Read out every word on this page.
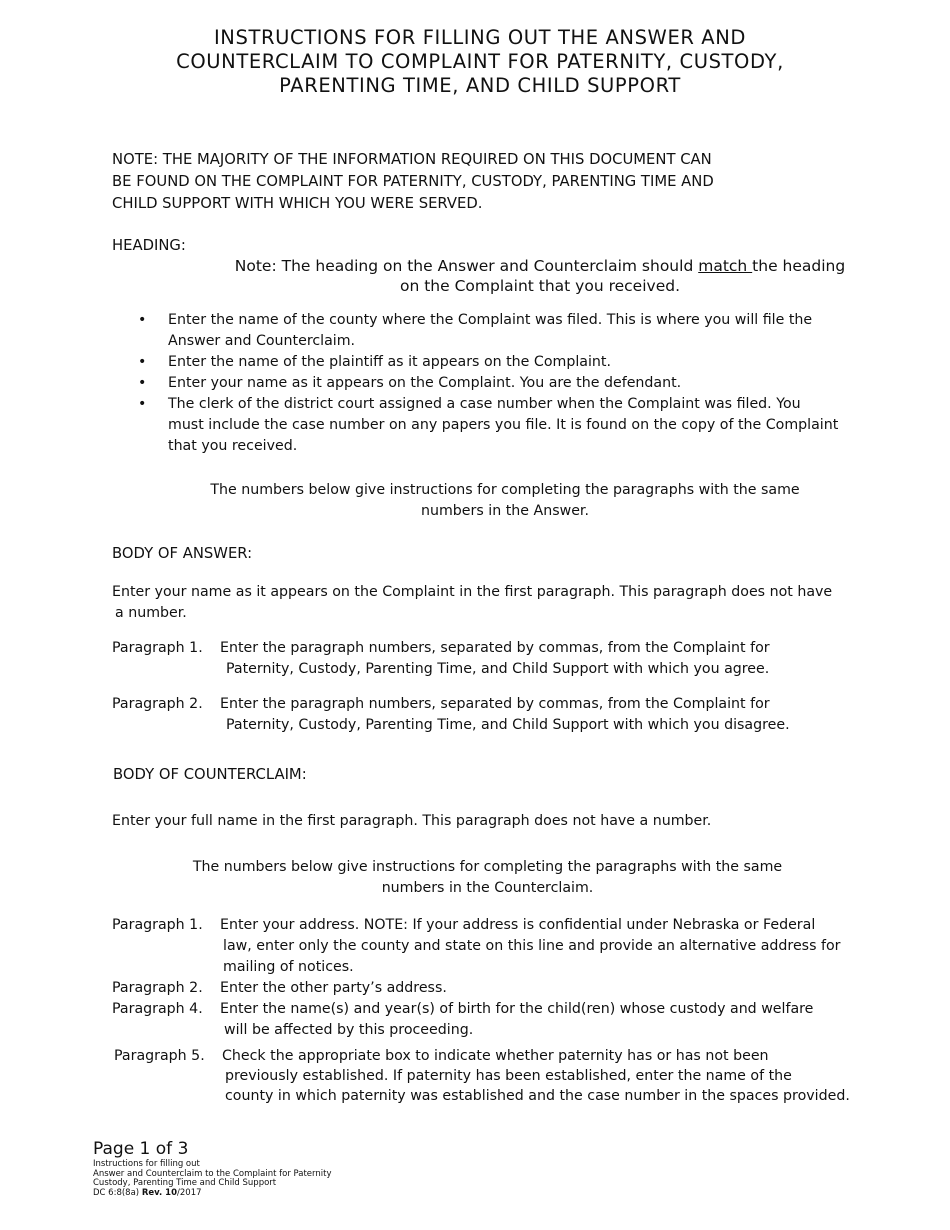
INSTRUCTIONS FOR FILLING OUT THE ANSWER AND
COUNTERCLAIM TO COMPLAINT FOR PATERNITY, CUSTODY,
PARENTING TIME, AND CHILD SUPPORT
NOTE: THE MAJORITY OF THE INFORMATION REQUIRED ON THIS DOCUMENT CAN
BE FOUND ON THE COMPLAINT FOR PATERNITY, CUSTODY, PARENTING TIME AND
CHILD SUPPORT WITH WHICH YOU WERE SERVED.
HEADING:
Note: The heading on the Answer and Counterclaim should match the heading
on the Complaint that you received.
• Enter the name of the county where the Complaint was filed. This is where you will file the
Answer and Counterclaim.
• Enter the name of the plaintiff as it appears on the Complaint.
• Enter your name as it appears on the Complaint. You are the defendant.
• The clerk of the district court assigned a case number when the Complaint was filed. You
must include the case number on any papers you file. It is found on the copy of the Complaint
that you received.
The numbers below give instructions for completing the paragraphs with the same
numbers in the Answer.
BODY OF ANSWER:
Enter your name as it appears on the Complaint in the first paragraph. This paragraph does not have
a number.
Paragraph 1. Enter the paragraph numbers, separated by commas, from the Complaint for
Paternity, Custody, Parenting Time, and Child Support with which you agree.
Paragraph 2. Enter the paragraph numbers, separated by commas, from the Complaint for
Paternity, Custody, Parenting Time, and Child Support with which you disagree.
BODY OF COUNTERCLAIM:
Enter your full name in the first paragraph. This paragraph does not have a number.
The numbers below give instructions for completing the paragraphs with the same
numbers in the Counterclaim.
Paragraph 1. Enter your address. NOTE: If your address is confidential under Nebraska or Federal
law, enter only the county and state on this line and provide an alternative address for
mailing of notices.
Paragraph 2. Enter the other party’s address.
Paragraph 4. Enter the name(s) and year(s) of birth for the child(ren) whose custody and welfare
will be affected by this proceeding.
Paragraph 5. Check the appropriate box to indicate whether paternity has or has not been
previously established. If paternity has been established, enter the name of the
county in which paternity was established and the case number in the spaces provided.
Page 1 of 3
Instructions for filling out
Answer and Counterclaim to the Complaint for Paternity
Custody, Parenting Time and Child Support
DC 6:8(8a) Rev. 10/2017
